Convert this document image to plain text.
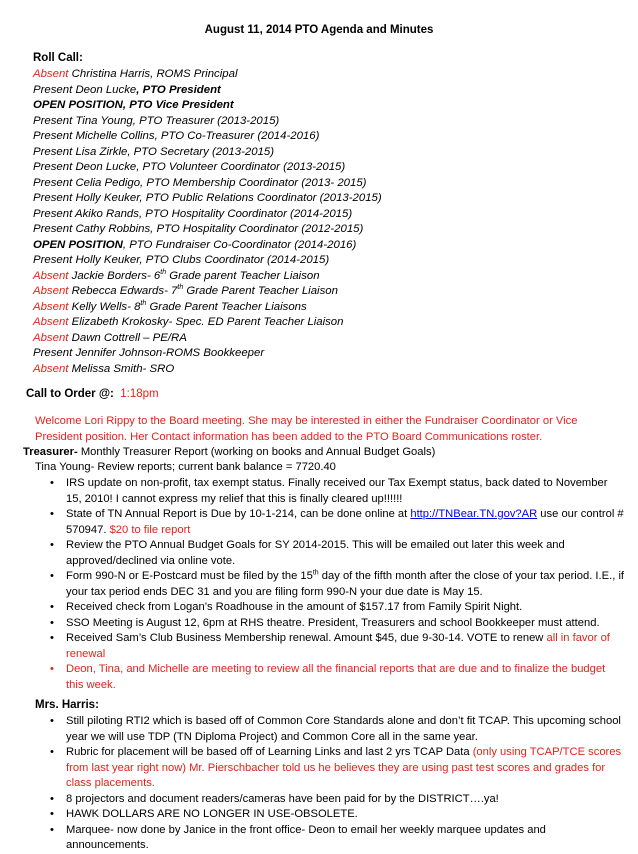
August 11, 2014 PTO Agenda and Minutes
Roll Call:
Absent Christina Harris, ROMS Principal
Present Deon Lucke, PTO President
OPEN POSITION, PTO Vice President
Present Tina Young, PTO Treasurer (2013-2015)
Present Michelle Collins, PTO Co-Treasurer (2014-2016)
Present Lisa Zirkle, PTO Secretary (2013-2015)
Present Deon Lucke, PTO Volunteer Coordinator (2013-2015)
Present Celia Pedigo, PTO Membership Coordinator (2013- 2015)
Present Holly Keuker, PTO Public Relations Coordinator (2013-2015)
Present Akiko Rands, PTO Hospitality Coordinator (2014-2015)
Present Cathy Robbins, PTO Hospitality Coordinator (2012-2015)
OPEN POSITION, PTO Fundraiser Co-Coordinator (2014-2016)
Present Holly Keuker, PTO Clubs Coordinator (2014-2015)
Absent Jackie Borders- 6th Grade parent Teacher Liaison
Absent Rebecca Edwards- 7th Grade Parent Teacher Liaison
Absent Kelly Wells- 8th Grade Parent Teacher Liaisons
Absent Elizabeth Krokosky- Spec. ED Parent Teacher Liaison
Absent Dawn Cottrell – PE/RA
Present Jennifer Johnson-ROMS Bookkeeper
Absent Melissa Smith- SRO
Call to Order @: 1:18pm
Welcome Lori Rippy to the Board meeting. She may be interested in either the Fundraiser Coordinator or Vice President position. Her Contact information has been added to the PTO Board Communications roster.
Treasurer- Monthly Treasurer Report (working on books and Annual Budget Goals)
Tina Young- Review reports; current bank balance = 7720.40
• IRS update on non-profit, tax exempt status. Finally received our Tax Exempt status, back dated to November 15, 2010! I cannot express my relief that this is finally cleared up!!!!!!
• State of TN Annual Report is Due by 10-1-214, can be done online at http://TNBear.TN.gov?AR use our control # 570947. $20 to file report
• Review the PTO Annual Budget Goals for SY 2014-2015. This will be emailed out later this week and approved/declined via online vote.
• Form 990-N or E-Postcard must be filed by the 15th day of the fifth month after the close of your tax period. I.E., if your tax period ends DEC 31 and you are filing form 990-N your due date is May 15.
• Received check from Logan’s Roadhouse in the amount of $157.17 from Family Spirit Night.
• SSO Meeting is August 12, 6pm at RHS theatre. President, Treasurers and school Bookkeeper must attend.
• Received Sam’s Club Business Membership renewal. Amount $45, due 9-30-14. VOTE to renew all in favor of renewal
• Deon, Tina, and Michelle are meeting to review all the financial reports that are due and to finalize the budget this week.
Mrs. Harris:
• Still piloting RTI2 which is based off of Common Core Standards alone and don’t fit TCAP. This upcoming school year we will use TDP (TN Diploma Project) and Common Core all in the same year.
• Rubric for placement will be based off of Learning Links and last 2 yrs TCAP Data (only using TCAP/TCE scores from last year right now) Mr. Pierschbacher told us he believes they are using past test scores and grades for class placements.
• 8 projectors and document readers/cameras have been paid for by the DISTRICT….ya!
• HAWK DOLLARS ARE NO LONGER IN USE-OBSOLETE.
• Marquee- now done by Janice in the front office- Deon to email her weekly marquee updates and announcements.
